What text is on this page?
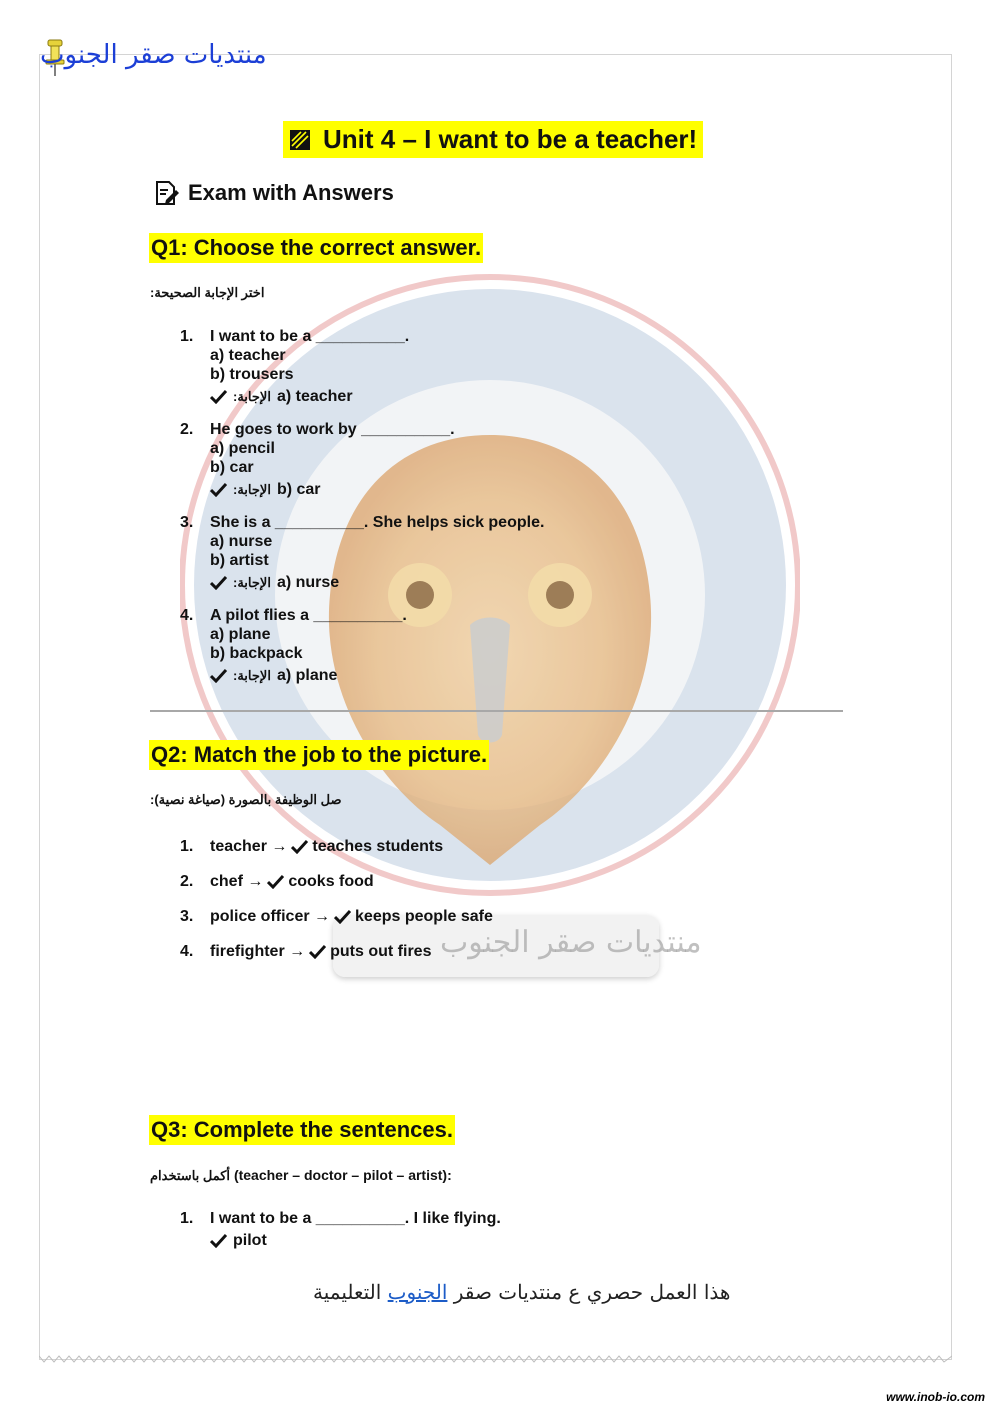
منتديات صقر الجنوب
منتديات صقر الجنوب
Unit 4 – I want to be a teacher!
Exam with Answers
Q1: Choose the correct answer.
اختر الإجابة الصحيحة:
1.	I want to be a __________.
a) teacher
b) trousers
الإجابة: a) teacher
2.	He goes to work by __________.
a) pencil
b) car
الإجابة: b) car
3.	She is a __________. She helps sick people.
a) nurse
b) artist
الإجابة: a) nurse
4.	A pilot flies a __________.
a) plane
b) backpack
الإجابة: a) plane
Q2: Match the job to the picture.
صل الوظيفة بالصورة (صياغة نصية):
1.	teacher → teaches students
2.	chef → cooks food
3.	police officer → keeps people safe
4.	firefighter → puts out fires
Q3: Complete the sentences.
أكمل باستخدام (teacher – doctor – pilot – artist):
1.	I want to be a __________. I like flying.
pilot
هذا العمل حصري ع منتديات صقر الجنوب التعليمية
www.inob-io.com
